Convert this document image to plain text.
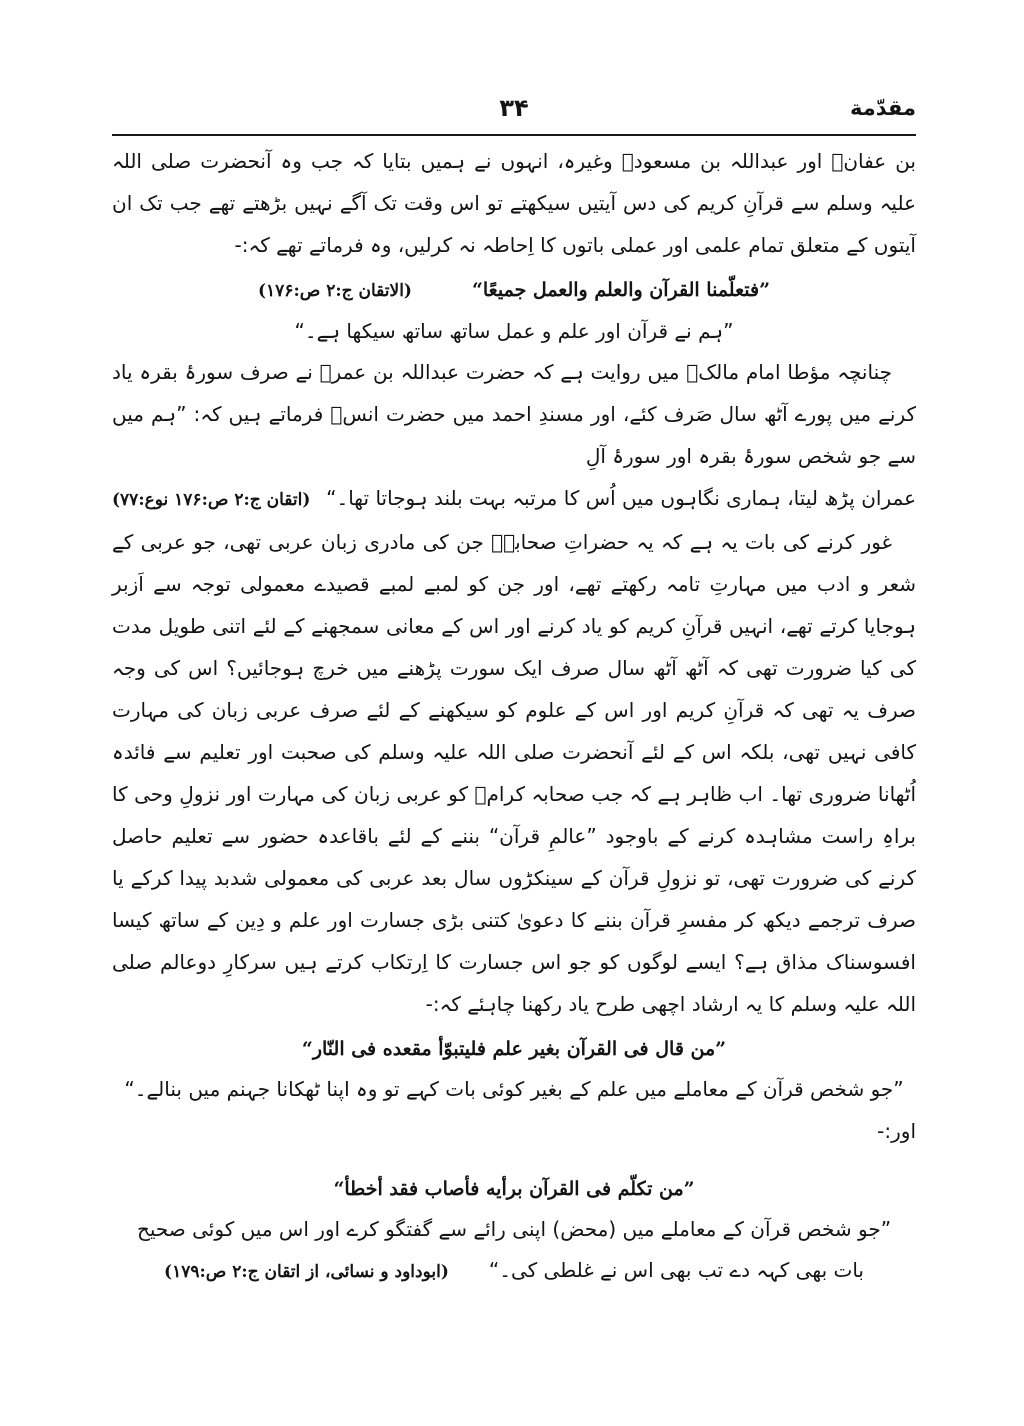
مقدّمة
۳۴

بن عفانؓ اور عبداللہ بن مسعودؓ وغیرہ، انہوں نے ہمیں بتایا کہ جب وہ آنحضرت صلی اللہ علیہ وسلم سے قرآنِ کریم کی دس آیتیں سیکھتے تو اس وقت تک آگے نہیں بڑھتے تھے جب تک ان آیتوں کے متعلق تمام علمی اور عملی باتوں کا اِحاطہ نہ کرلیں، وہ فرماتے تھے کہ:-

”فتعلّمنا القرآن والعلم والعمل جميعًا“
(الاتقان ج:۲ ص:۱۷۶)

”ہم نے قرآن اور علم و عمل ساتھ ساتھ سیکھا ہے۔“

چنانچہ مؤطا امام مالکؒ میں روایت ہے کہ حضرت عبداللہ بن عمرؓ نے صرف سورۂ بقرہ یاد کرنے میں پورے آٹھ سال صَرف کئے، اور مسندِ احمد میں حضرت انسؓ فرماتے ہیں کہ: ”ہم میں سے جو شخص سورۂ بقرہ اور سورۂ آلِ

عمران پڑھ لیتا، ہماری نگاہوں میں اُس کا مرتبہ بہت بلند ہوجاتا تھا۔“
(اتقان ج:۲ ص:۱۷۶ نوع:۷۷)

غور کرنے کی بات یہ ہے کہ یہ حضراتِ صحابہؓ جن کی مادری زبان عربی تھی، جو عربی کے شعر و ادب میں مہارتِ تامہ رکھتے تھے، اور جن کو لمبے لمبے قصیدے معمولی توجہ سے اَزبر ہوجایا کرتے تھے، انہیں قرآنِ کریم کو یاد کرنے اور اس کے معانی سمجھنے کے لئے اتنی طویل مدت کی کیا ضرورت تھی کہ آٹھ آٹھ سال صرف ایک سورت پڑھنے میں خرچ ہوجائیں؟ اس کی وجہ صرف یہ تھی کہ قرآنِ کریم اور اس کے علوم کو سیکھنے کے لئے صرف عربی زبان کی مہارت کافی نہیں تھی، بلکہ اس کے لئے آنحضرت صلی اللہ علیہ وسلم کی صحبت اور تعلیم سے فائدہ اُٹھانا ضروری تھا۔ اب ظاہر ہے کہ جب صحابہ کرامؓ کو عربی زبان کی مہارت اور نزولِ وحی کا براہِ راست مشاہدہ کرنے کے باوجود ”عالمِ قرآن“ بننے کے لئے باقاعدہ حضور سے تعلیم حاصل کرنے کی ضرورت تھی، تو نزولِ قرآن کے سینکڑوں سال بعد عربی کی معمولی شدبد پیدا کرکے یا صرف ترجمے دیکھ کر مفسرِ قرآن بننے کا دعویٰ کتنی بڑی جسارت اور علم و دِین کے ساتھ کیسا افسوسناک مذاق ہے؟ ایسے لوگوں کو جو اس جسارت کا اِرتکاب کرتے ہیں سرکارِ دوعالم صلی اللہ علیہ وسلم کا یہ ارشاد اچھی طرح یاد رکھنا چاہئے کہ:-

”من قال فى القرآن بغير علم فليتبوّأ مقعده فى النّار“

”جو شخص قرآن کے معاملے میں علم کے بغیر کوئی بات کہے تو وہ اپنا ٹھکانا جہنم میں بنالے۔“

اور:-

”من تكلّم فى القرآن برأيه فأصاب فقد أخطأ“

”جو شخص قرآن کے معاملے میں (محض) اپنی رائے سے گفتگو کرے اور اس میں کوئی صحیح

بات بھی کہہ دے تب بھی اس نے غلطی کی۔“
(ابوداود و نسائی، از اتقان ج:۲ ص:۱۷۹)
